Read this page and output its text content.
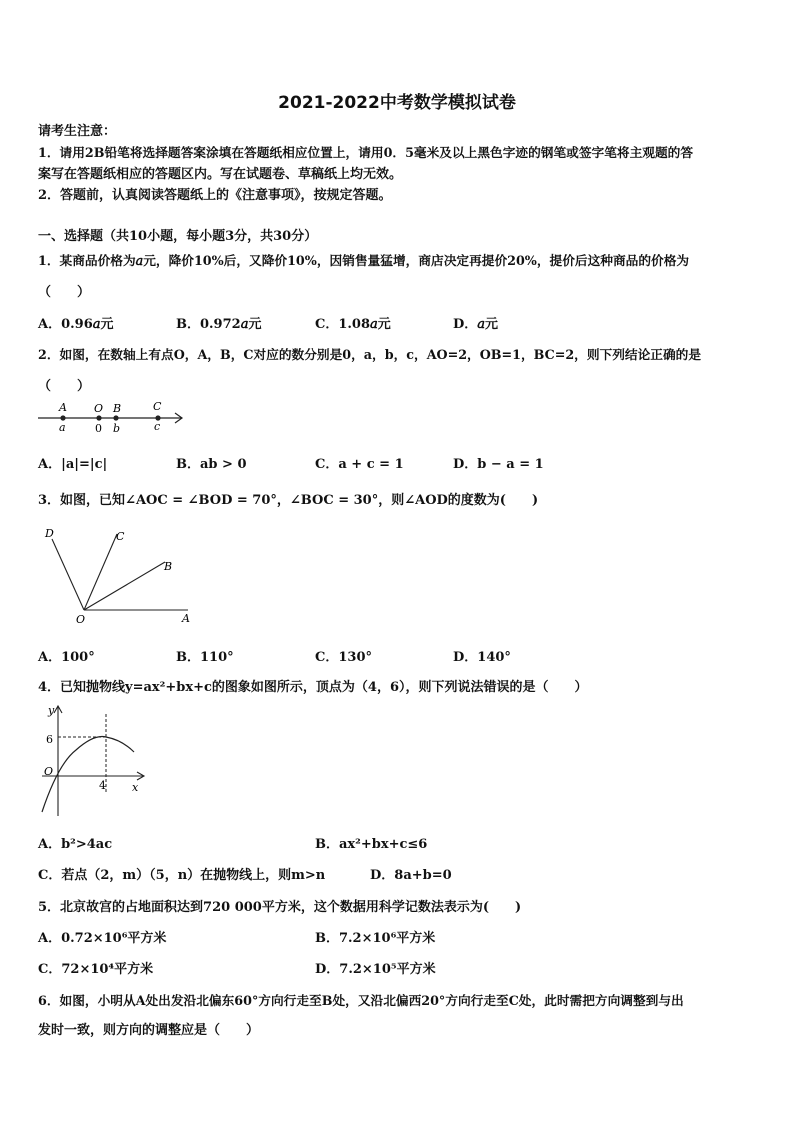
2021-2022中考数学模拟试卷
请考生注意：
1．请用2B铅笔将选择题答案涂填在答题纸相应位置上，请用0．5毫米及以上黑色字迹的钢笔或签字笔将主观题的答
案写在答题纸相应的答题区内。写在试题卷、草稿纸上均无效。
2．答题前，认真阅读答题纸上的《注意事项》，按规定答题。
一、选择题（共10小题，每小题3分，共30分）
1．某商品价格为𝑎元，降价10%后，又降价10%，因销售量猛增，商店决定再提价20%，提价后这种商品的价格为
（　　）
A．0.96𝑎元	B．0.972𝑎元	C．1.08𝑎元	D．𝑎元
2．如图，在数轴上有点O，A，B，C对应的数分别是0，a，b，c，AO=2，OB=1，BC=2，则下列结论正确的是
（　　）
A O B	C
a	0 b	c
A．|a|=|c|	B．ab > 0	C．a + c = 1	D．b − a = 1
3．如图，已知∠AOC = ∠BOD = 70°，∠BOC = 30°，则∠AOD的度数为(　　)
D	C
B
O	A
A．100°	B．110°	C．130°	D．140°
4．已知抛物线y=ax²+bx+c的图象如图所示，顶点为（4，6），则下列说法错误的是（　　）
y
6
O
4 x
A．b²>4ac	B．ax²+bx+c≤6
C．若点（2，m）（5，n）在抛物线上，则m>n	D．8a+b=0
5．北京故宫的占地面积达到720 000平方米，这个数据用科学记数法表示为(　　)
A．0.72×10⁶平方米	B．7.2×10⁶平方米
C．72×10⁴平方米	D．7.2×10⁵平方米
6．如图，小明从A处出发沿北偏东60°方向行走至B处，又沿北偏西20°方向行走至C处，此时需把方向调整到与出
发时一致，则方向的调整应是（　　）
